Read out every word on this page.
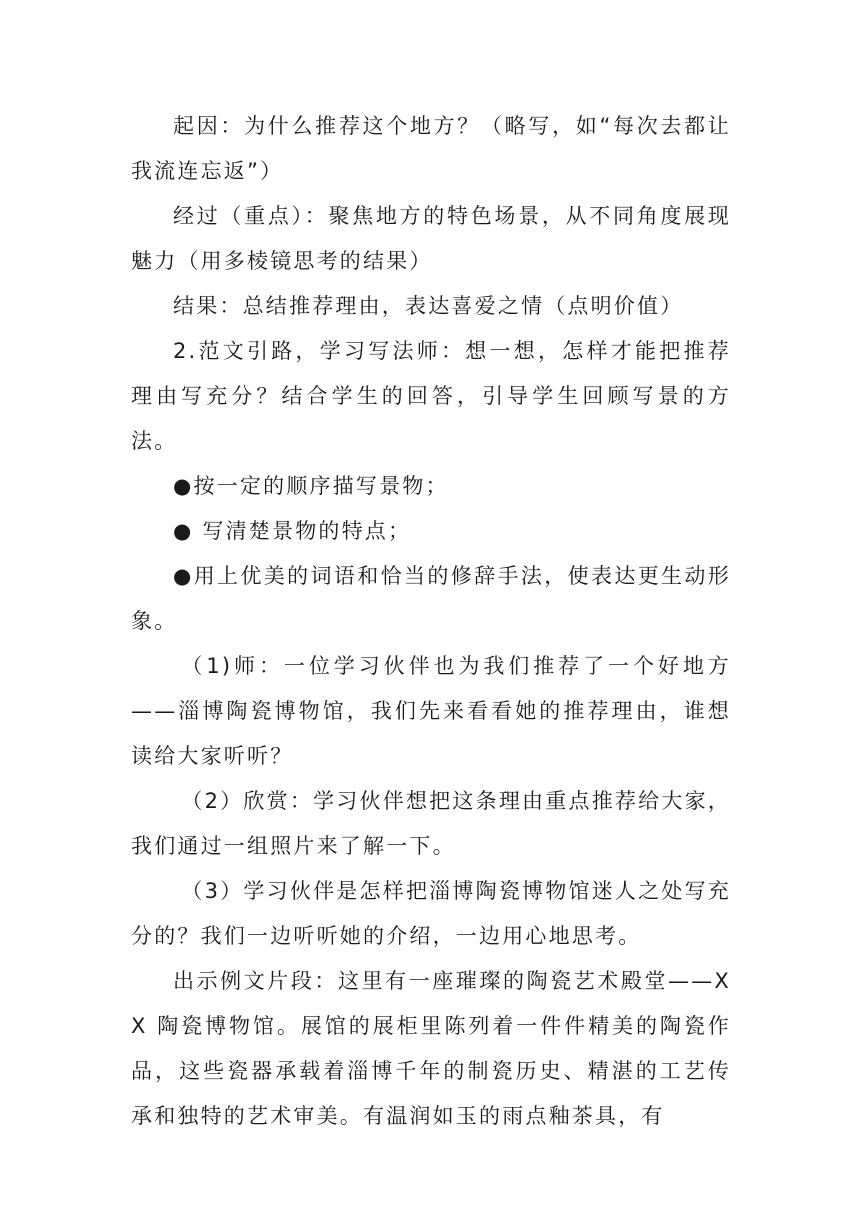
起因：为什么推荐这个地方？（略写，如“每次去都让我流连忘返”）

经过（重点）：聚焦地方的特色场景，从不同角度展现魅力（用多棱镜思考的结果）

结果：总结推荐理由，表达喜爱之情（点明价值）

2.范文引路，学习写法师：想一想，怎样才能把推荐理由写充分？结合学生的回答，引导学生回顾写景的方法。

●按一定的顺序描写景物；

● 写清楚景物的特点；

●用上优美的词语和恰当的修辞手法，使表达更生动形象。

（1)师：一位学习伙伴也为我们推荐了一个好地方——淄博陶瓷博物馆，我们先来看看她的推荐理由，谁想读给大家听听？

（2）欣赏：学习伙伴想把这条理由重点推荐给大家，我们通过一组照片来了解一下。

（3）学习伙伴是怎样把淄博陶瓷博物馆迷人之处写充分的？我们一边听听她的介绍，一边用心地思考。

出示例文片段：这里有一座璀璨的陶瓷艺术殿堂——XX 陶瓷博物馆。展馆的展柜里陈列着一件件精美的陶瓷作品，这些瓷器承载着淄博千年的制瓷历史、精湛的工艺传承和独特的艺术审美。有温润如玉的雨点釉茶具，有
